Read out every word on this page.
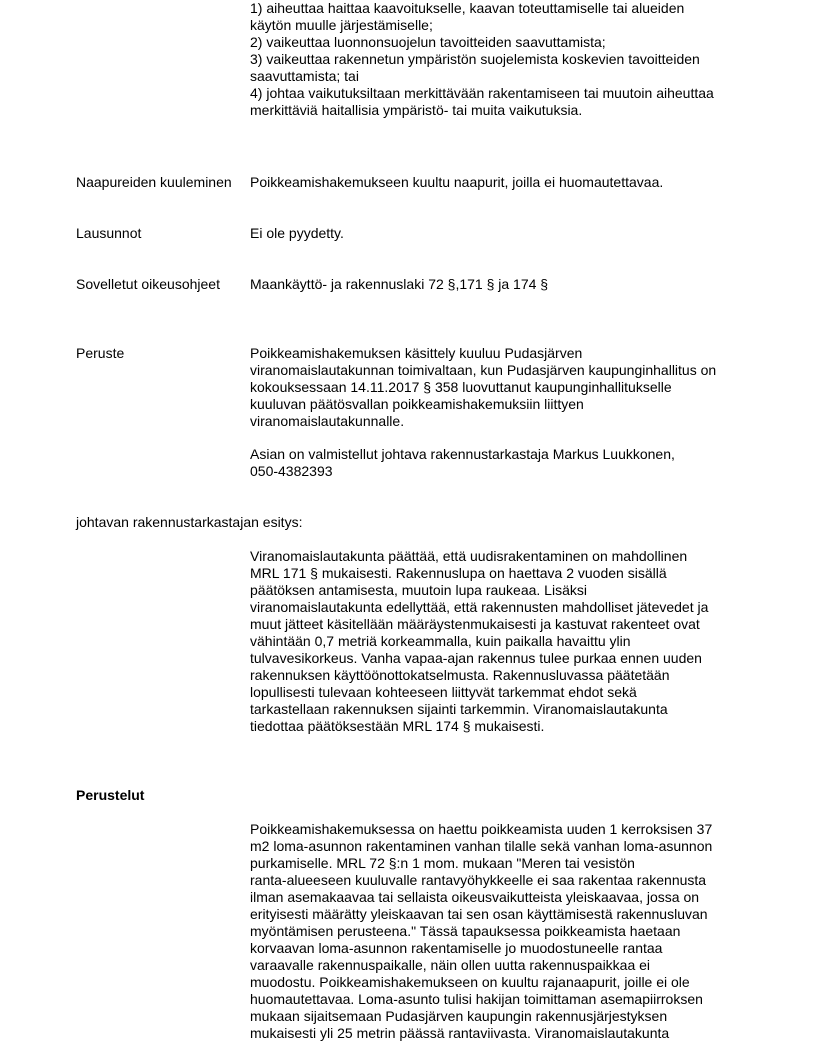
1) aiheuttaa haittaa kaavoitukselle, kaavan toteuttamiselle tai alueiden
käytön muulle järjestämiselle;

2) vaikeuttaa luonnonsuojelun tavoitteiden saavuttamista;

3) vaikeuttaa rakennetun ympäristön suojelemista koskevien tavoitteiden
saavuttamista; tai

4) johtaa vaikutuksiltaan merkittävään rakentamiseen tai muutoin aiheuttaa
merkittäviä haitallisia ympäristö- tai muita vaikutuksia.

Naapureiden kuuleminen	Poikkeamishakemukseen kuultu naapurit, joilla ei huomautettavaa.

Lausunnot	Ei ole pyydetty.

Sovelletut oikeusohjeet	Maankäyttö- ja rakennuslaki 72 §,171 § ja 174 §

Peruste	Poikkeamishakemuksen käsittely kuuluu Pudasjärven
viranomaislautakunnan toimivaltaan, kun Pudasjärven kaupunginhallitus on
kokouksessaan 14.11.2017 § 358 luovuttanut kaupunginhallitukselle
kuuluvan päätösvallan poikkeamishakemuksiin liittyen
viranomaislautakunnalle.

Asian on valmistellut johtava rakennustarkastaja Markus Luukkonen,
050-4382393

johtavan rakennustarkastajan esitys:

Viranomaislautakunta päättää, että uudisrakentaminen on mahdollinen
MRL 171 § mukaisesti. Rakennuslupa on haettava 2 vuoden sisällä
päätöksen antamisesta, muutoin lupa raukeaa. Lisäksi
viranomaislautakunta edellyttää, että rakennusten mahdolliset jätevedet ja
muut jätteet käsitellään määräystenmukaisesti ja kastuvat rakenteet ovat
vähintään 0,7 metriä korkeammalla, kuin paikalla havaittu ylin
tulvavesikorkeus. Vanha vapaa-ajan rakennus tulee purkaa ennen uuden
rakennuksen käyttöönottokatselmusta. Rakennusluvassa päätetään
lopullisesti tulevaan kohteeseen liittyvät tarkemmat ehdot sekä
tarkastellaan rakennuksen sijainti tarkemmin. Viranomaislautakunta
tiedottaa päätöksestään MRL 174 § mukaisesti.

Perustelut

Poikkeamishakemuksessa on haettu poikkeamista uuden 1 kerroksisen 37
m2 loma-asunnon rakentaminen vanhan tilalle sekä vanhan loma-asunnon
purkamiselle. MRL 72 §:n 1 mom. mukaan "Meren tai vesistön
ranta-alueeseen kuuluvalle rantavyöhykkeelle ei saa rakentaa rakennusta
ilman asemakaavaa tai sellaista oikeusvaikutteista yleiskaavaa, jossa on
erityisesti määrätty yleiskaavan tai sen osan käyttämisestä rakennusluvan
myöntämisen perusteena." Tässä tapauksessa poikkeamista haetaan
korvaavan loma-asunnon rakentamiselle jo muodostuneelle rantaa
varaavalle rakennuspaikalle, näin ollen uutta rakennuspaikkaa ei
muodostu. Poikkeamishakemukseen on kuultu rajanaapurit, joille ei ole
huomautettavaa. Loma-asunto tulisi hakijan toimittaman asemapiirroksen
mukaan sijaitsemaan Pudasjärven kaupungin rakennusjärjestyksen
mukaisesti yli 25 metrin päässä rantaviivasta. Viranomaislautakunta
